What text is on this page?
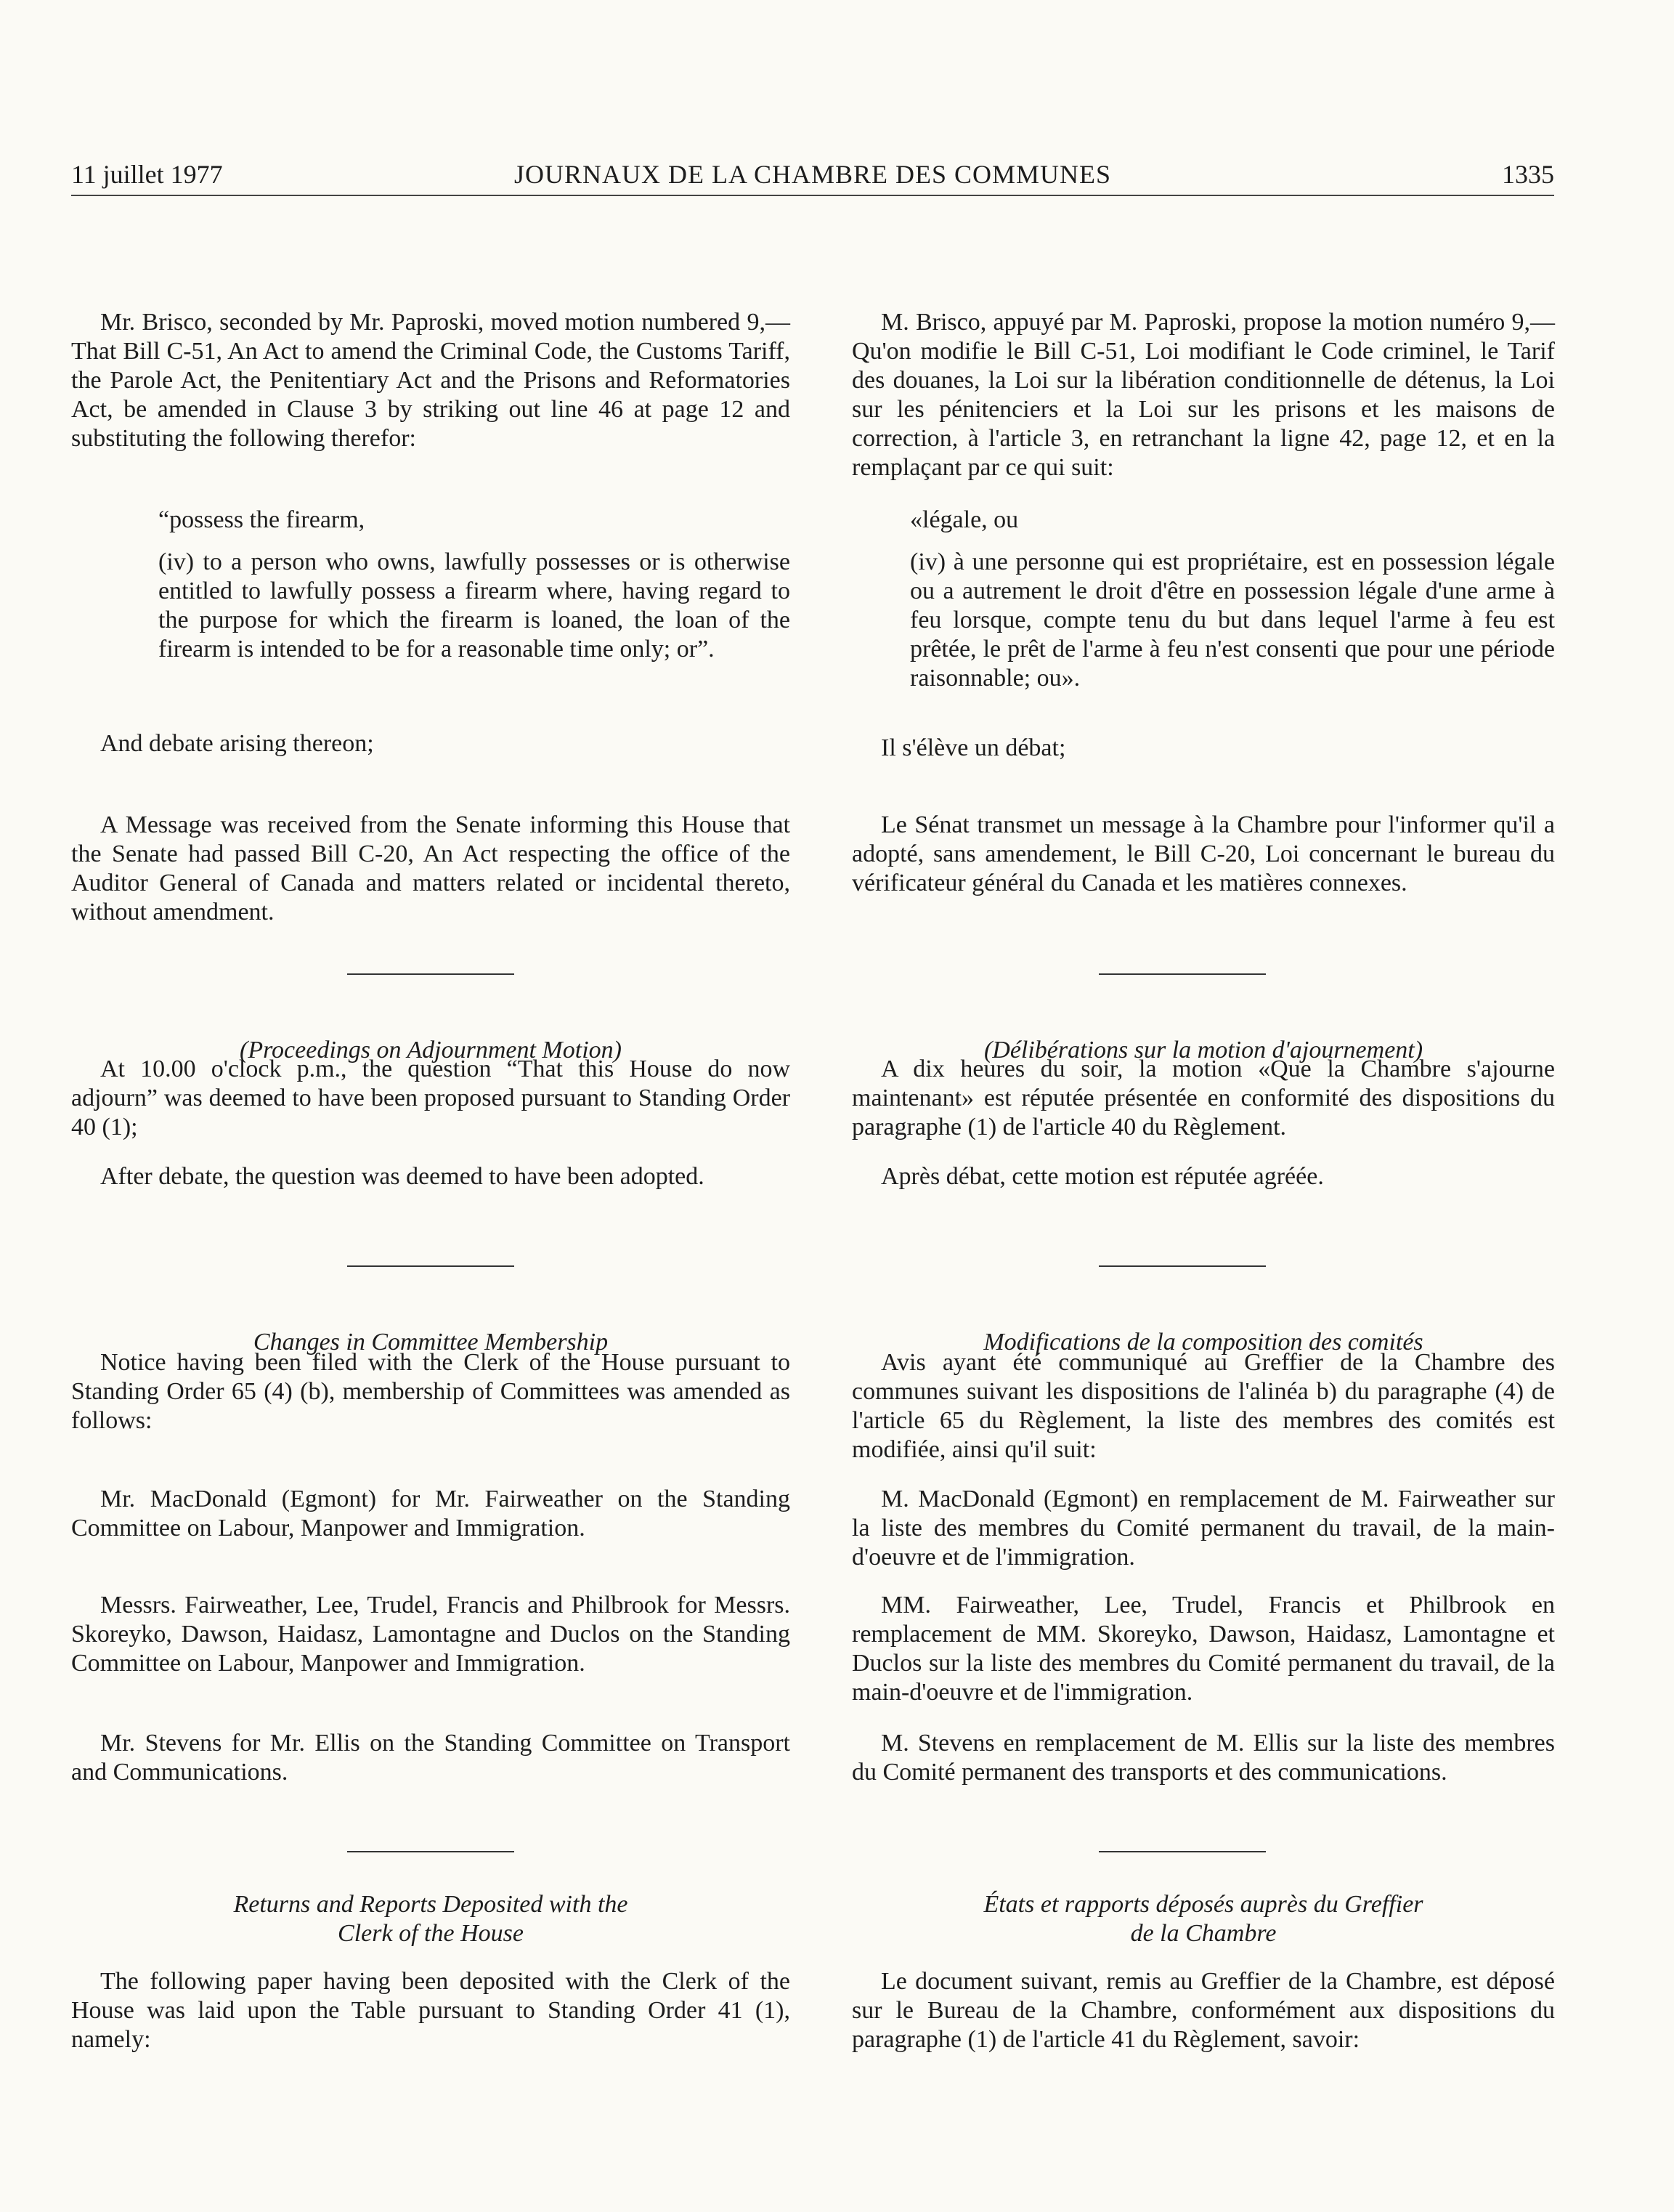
11 juillet 1977	JOURNAUX DE LA CHAMBRE DES COMMUNES	1335

Mr. Brisco, seconded by Mr. Paproski, moved motion numbered 9,—That Bill C-51, An Act to amend the Criminal Code, the Customs Tariff, the Parole Act, the Penitentiary Act and the Prisons and Reformatories Act, be amended in Clause 3 by striking out line 46 at page 12 and substituting the following therefor:

“possess the firearm,

(iv) to a person who owns, lawfully possesses or is otherwise entitled to lawfully possess a firearm where, having regard to the purpose for which the firearm is loaned, the loan of the firearm is intended to be for a reasonable time only; or”.

And debate arising thereon;

A Message was received from the Senate informing this House that the Senate had passed Bill C-20, An Act respecting the office of the Auditor General of Canada and matters related or incidental thereto, without amendment.

(Proceedings on Adjournment Motion)

At 10.00 o'clock p.m., the question “That this House do now adjourn” was deemed to have been proposed pursuant to Standing Order 40 (1);

After debate, the question was deemed to have been adopted.

Changes in Committee Membership

Notice having been filed with the Clerk of the House pursuant to Standing Order 65 (4) (b), membership of Committees was amended as follows:

Mr. MacDonald (Egmont) for Mr. Fairweather on the Standing Committee on Labour, Manpower and Immigration.

Messrs. Fairweather, Lee, Trudel, Francis and Philbrook for Messrs. Skoreyko, Dawson, Haidasz, Lamontagne and Duclos on the Standing Committee on Labour, Manpower and Immigration.

Mr. Stevens for Mr. Ellis on the Standing Committee on Transport and Communications.

Returns and Reports Deposited with the

Clerk of the House

The following paper having been deposited with the Clerk of the House was laid upon the Table pursuant to Standing Order 41 (1), namely:

M. Brisco, appuyé par M. Paproski, propose la motion numéro 9,—Qu'on modifie le Bill C-51, Loi modifiant le Code criminel, le Tarif des douanes, la Loi sur la libération conditionnelle de détenus, la Loi sur les pénitenciers et la Loi sur les prisons et les maisons de correction, à l'article 3, en retranchant la ligne 42, page 12, et en la remplaçant par ce qui suit:

«légale, ou

(iv) à une personne qui est propriétaire, est en possession légale ou a autrement le droit d'être en possession légale d'une arme à feu lorsque, compte tenu du but dans lequel l'arme à feu est prêtée, le prêt de l'arme à feu n'est consenti que pour une période raisonnable; ou».

Il s'élève un débat;

Le Sénat transmet un message à la Chambre pour l'informer qu'il a adopté, sans amendement, le Bill C-20, Loi concernant le bureau du vérificateur général du Canada et les matières connexes.

(Délibérations sur la motion d'ajournement)

A dix heures du soir, la motion «Que la Chambre s'ajourne maintenant» est réputée présentée en conformité des dispositions du paragraphe (1) de l'article 40 du Règlement.

Après débat, cette motion est réputée agréée.

Modifications de la composition des comités

Avis ayant été communiqué au Greffier de la Chambre des communes suivant les dispositions de l'alinéa b) du paragraphe (4) de l'article 65 du Règlement, la liste des membres des comités est modifiée, ainsi qu'il suit:

M. MacDonald (Egmont) en remplacement de M. Fairweather sur la liste des membres du Comité permanent du travail, de la main-d'oeuvre et de l'immigration.

MM. Fairweather, Lee, Trudel, Francis et Philbrook en remplacement de MM. Skoreyko, Dawson, Haidasz, Lamontagne et Duclos sur la liste des membres du Comité permanent du travail, de la main-d'oeuvre et de l'immigration.

M. Stevens en remplacement de M. Ellis sur la liste des membres du Comité permanent des transports et des communications.

États et rapports déposés auprès du Greffier

de la Chambre

Le document suivant, remis au Greffier de la Chambre, est déposé sur le Bureau de la Chambre, conformément aux dispositions du paragraphe (1) de l'article 41 du Règlement, savoir:
